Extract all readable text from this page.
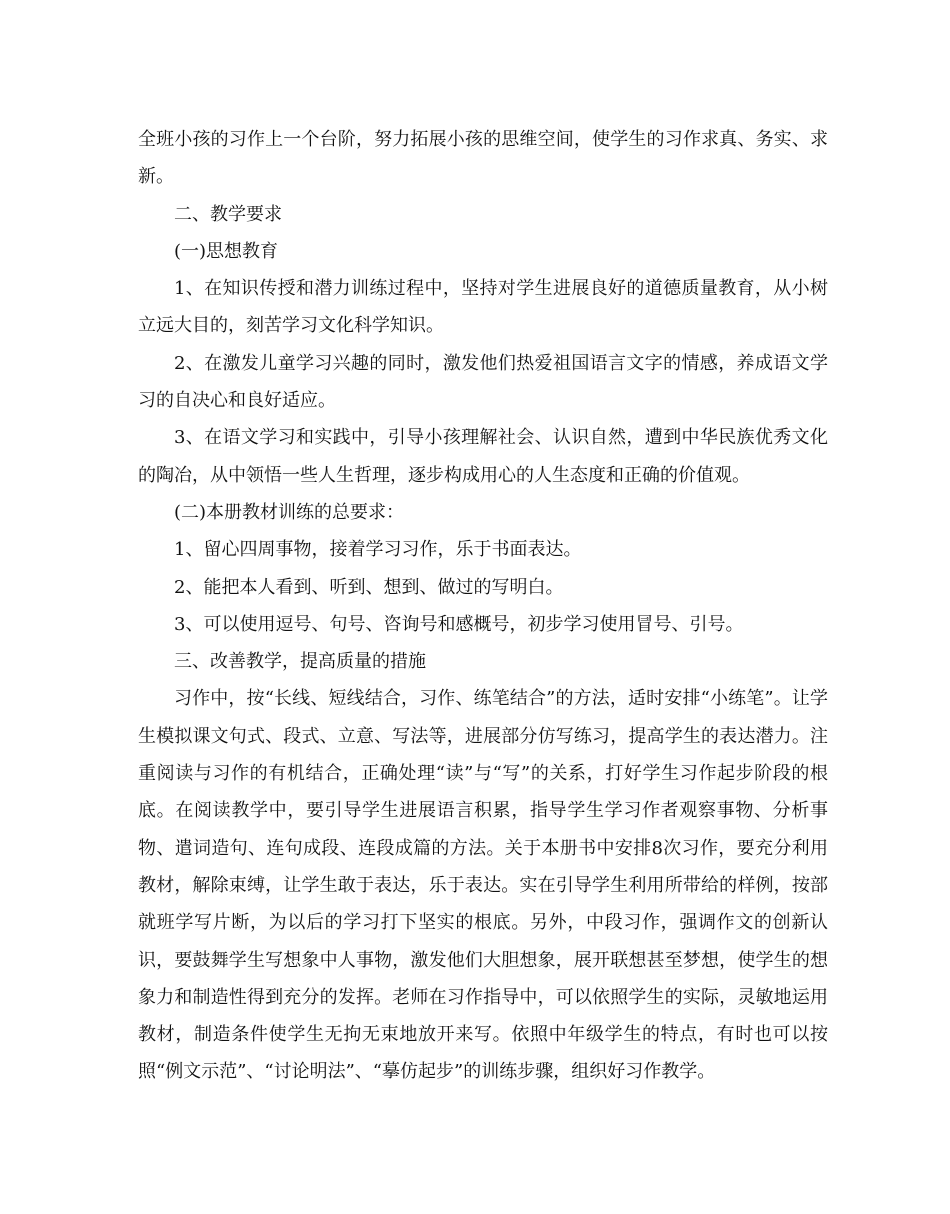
全班小孩的习作上一个台阶，努力拓展小孩的思维空间，使学生的习作求真、务实、求新。

二、教学要求

(一)思想教育

1、在知识传授和潜力训练过程中，坚持对学生进展良好的道德质量教育，从小树立远大目的，刻苦学习文化科学知识。

2、在激发儿童学习兴趣的同时，激发他们热爱祖国语言文字的情感，养成语文学习的自决心和良好适应。

3、在语文学习和实践中，引导小孩理解社会、认识自然，遭到中华民族优秀文化的陶冶，从中领悟一些人生哲理，逐步构成用心的人生态度和正确的价值观。

(二)本册教材训练的总要求：

1、留心四周事物，接着学习习作，乐于书面表达。

2、能把本人看到、听到、想到、做过的写明白。

3、可以使用逗号、句号、咨询号和感概号，初步学习使用冒号、引号。

三、改善教学，提高质量的措施

习作中，按“长线、短线结合，习作、练笔结合”的方法，适时安排“小练笔”。让学生模拟课文句式、段式、立意、写法等，进展部分仿写练习，提高学生的表达潜力。注重阅读与习作的有机结合，正确处理“读”与“写”的关系，打好学生习作起步阶段的根底。在阅读教学中，要引导学生进展语言积累，指导学生学习作者观察事物、分析事物、遣词造句、连句成段、连段成篇的方法。关于本册书中安排8次习作，要充分利用教材，解除束缚，让学生敢于表达，乐于表达。实在引导学生利用所带给的样例，按部就班学写片断，为以后的学习打下坚实的根底。另外，中段习作，强调作文的创新认识，要鼓舞学生写想象中人事物，激发他们大胆想象，展开联想甚至梦想，使学生的想象力和制造性得到充分的发挥。老师在习作指导中，可以依照学生的实际，灵敏地运用教材，制造条件使学生无拘无束地放开来写。依照中年级学生的特点，有时也可以按照“例文示范”、“讨论明法”、“摹仿起步”的训练步骤，组织好习作教学。
